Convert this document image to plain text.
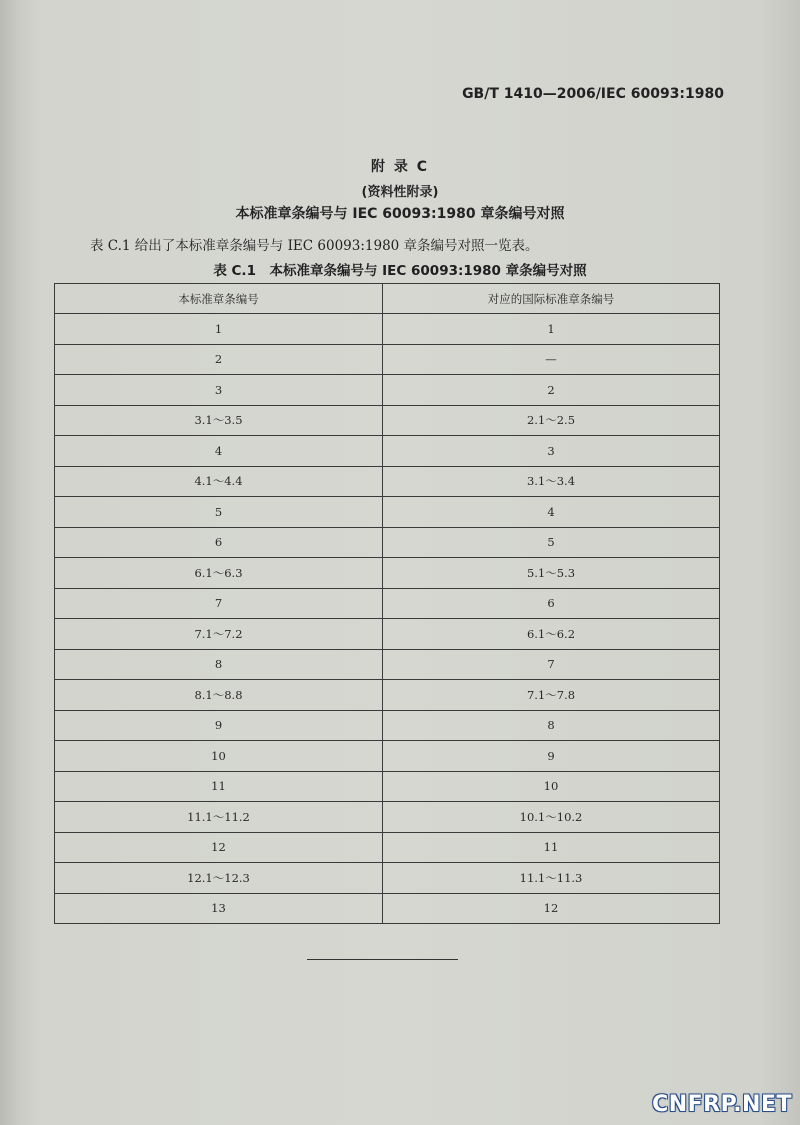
GB/T 1410—2006/IEC 60093:1980
附 录 C
(资料性附录)
本标准章条编号与 IEC 60093:1980 章条编号对照
表 C.1 给出了本标准章条编号与 IEC 60093:1980 章条编号对照一览表。
表 C.1　本标准章条编号与 IEC 60093:1980 章条编号对照
本标准章条编号	对应的国际标准章条编号
1	1
2	—
3	2
3.1～3.5	2.1～2.5
4	3
4.1～4.4	3.1～3.4
5	4
6	5
6.1～6.3	5.1～5.3
7	6
7.1～7.2	6.1～6.2
8	7
8.1～8.8	7.1～7.8
9	8
10	9
11	10
11.1～11.2	10.1～10.2
12	11
12.1～12.3	11.1～11.3
13	12
CNFRP.NET
